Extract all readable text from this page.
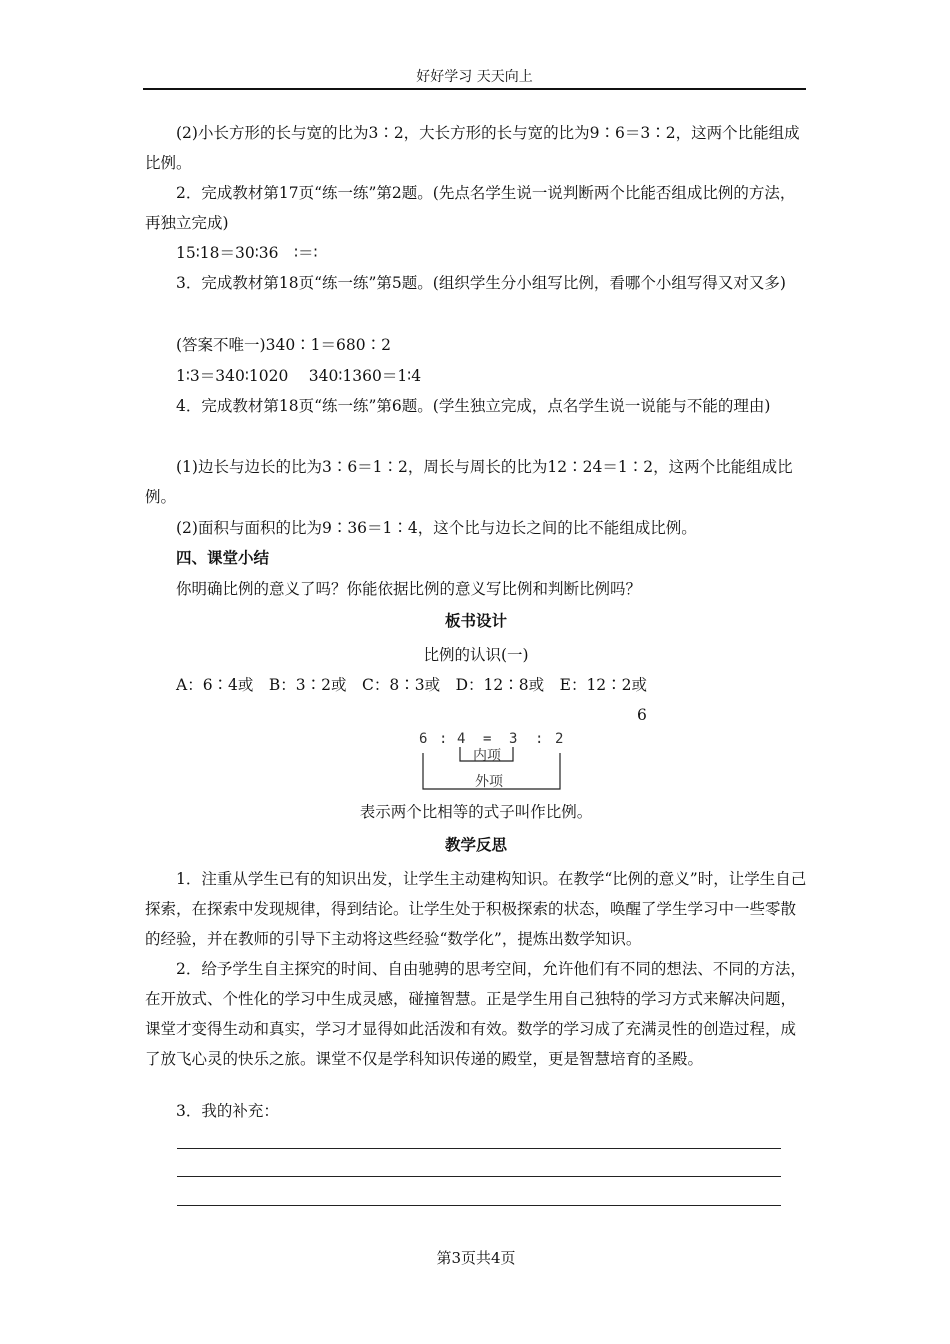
好好学习 天天向上
(2)小长方形的长与宽的比为3∶2，大长方形的长与宽的比为9∶6＝3∶2，这两个比能组成比例。
2．完成教材第17页“练一练”第2题。(先点名学生说一说判断两个比能否组成比例的方法，再独立完成)
15∶18＝30∶36　∶＝∶
3．完成教材第18页“练一练”第5题。(组织学生分小组写比例，看哪个小组写得又对又多)
(答案不唯一)340∶1＝680∶2
1∶3＝340∶1020　 340∶1360＝1∶4
4．完成教材第18页“练一练”第6题。(学生独立完成，点名学生说一说能与不能的理由)
(1)边长与边长的比为3∶6＝1∶2，周长与周长的比为12∶24＝1∶2，这两个比能组成比例。
(2)面积与面积的比为9∶36＝1∶4，这个比与边长之间的比不能组成比例。
四、课堂小结
你明确比例的意义了吗？你能依据比例的意义写比例和判断比例吗？
板书设计
比例的认识(一)
A：6∶4或　B：3∶2或　C：8∶3或　D：12∶8或　E：12∶2或
6
6 : 4 = 3 : 2
内项
外项
表示两个比相等的式子叫作比例。
教学反思
1．注重从学生已有的知识出发，让学生主动建构知识。在教学“比例的意义”时，让学生自己探索，在探索中发现规律，得到结论。让学生处于积极探索的状态，唤醒了学生学习中一些零散的经验，并在教师的引导下主动将这些经验“数学化”，提炼出数学知识。
2．给予学生自主探究的时间、自由驰骋的思考空间，允许他们有不同的想法、不同的方法，在开放式、个性化的学习中生成灵感，碰撞智慧。正是学生用自己独特的学习方式来解决问题，课堂才变得生动和真实，学习才显得如此活泼和有效。数学的学习成了充满灵性的创造过程，成了放飞心灵的快乐之旅。课堂不仅是学科知识传递的殿堂，更是智慧培育的圣殿。
3．我的补充：
第3页共4页
